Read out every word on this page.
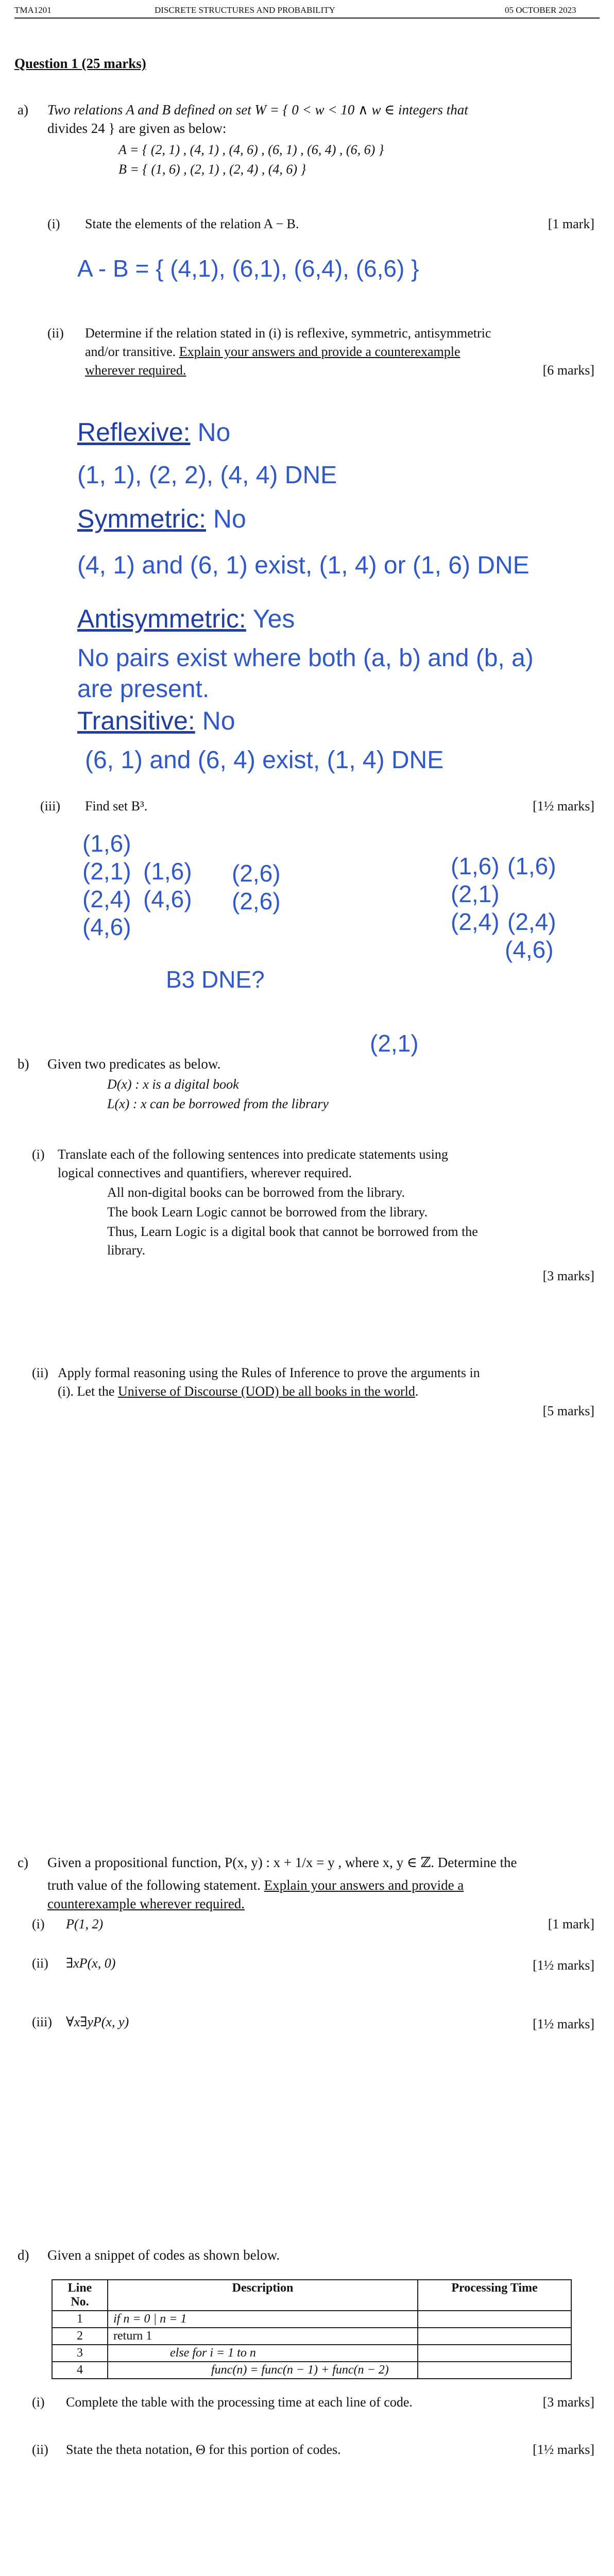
TMA1201	DISCRETE STRUCTURES AND PROBABILITY	05 OCTOBER 2023
Question 1 (25 marks)
a) Two relations A and B defined on set W = { 0 < w < 10 ∧ w ∈ integers that
divides 24 } are given as below:
A = { (2, 1) , (4, 1) , (4, 6) , (6, 1) , (6, 4) , (6, 6) }
B = { (1, 6) , (2, 1) , (2, 4) , (4, 6) }
(i) State the elements of the relation A − B.	[1 mark]
A - B = { (4,1), (6,1), (6,4), (6,6) }
(ii) Determine if the relation stated in (i) is reflexive, symmetric, antisymmetric
and/or transitive. Explain your answers and provide a counterexample
wherever required.	[6 marks]
Reflexive: No
(1, 1), (2, 2), (4, 4) DNE
Symmetric: No
(4, 1) and (6, 1) exist, (1, 4) or (1, 6) DNE
Antisymmetric: Yes
No pairs exist where both (a, b) and (b, a)
are present.
Transitive: No
(6, 1) and (6, 4) exist, (1, 4) DNE
(iii) Find set B³.	[1½ marks]
(1,6)
(2,1) (1,6) (2,6)
(2,4) (4,6) (2,6)
(4,6)
(1,6) (1,6)
(2,1)
(2,4) (2,4)
(4,6)
B3 DNE?
(2,1)
b) Given two predicates as below.
D(x) : x is a digital book
L(x) : x can be borrowed from the library
(i) Translate each of the following sentences into predicate statements using
logical connectives and quantifiers, wherever required.
All non-digital books can be borrowed from the library.
The book Learn Logic cannot be borrowed from the library.
Thus, Learn Logic is a digital book that cannot be borrowed from the
library.
[3 marks]
(ii) Apply formal reasoning using the Rules of Inference to prove the arguments in
(i). Let the Universe of Discourse (UOD) be all books in the world.
[5 marks]
c) Given a propositional function, P(x, y) : x + 1/x = y , where x, y ∈ ℤ. Determine the
truth value of the following statement. Explain your answers and provide a
counterexample wherever required.
(i) P(1, 2)	[1 mark]
(ii) ∃xP(x, 0)	[1½ marks]
(iii) ∀x∃yP(x, y)	[1½ marks]
d) Given a snippet of codes as shown below.
Line No.	Description	Processing Time
1	if n = 0 | n = 1	
2	return 1	
3	else for i = 1 to n	
4	func(n) = func(n − 1) + func(n − 2)	
(i) Complete the table with the processing time at each line of code.	[3 marks]
(ii) State the theta notation, Θ for this portion of codes.	[1½ marks]
